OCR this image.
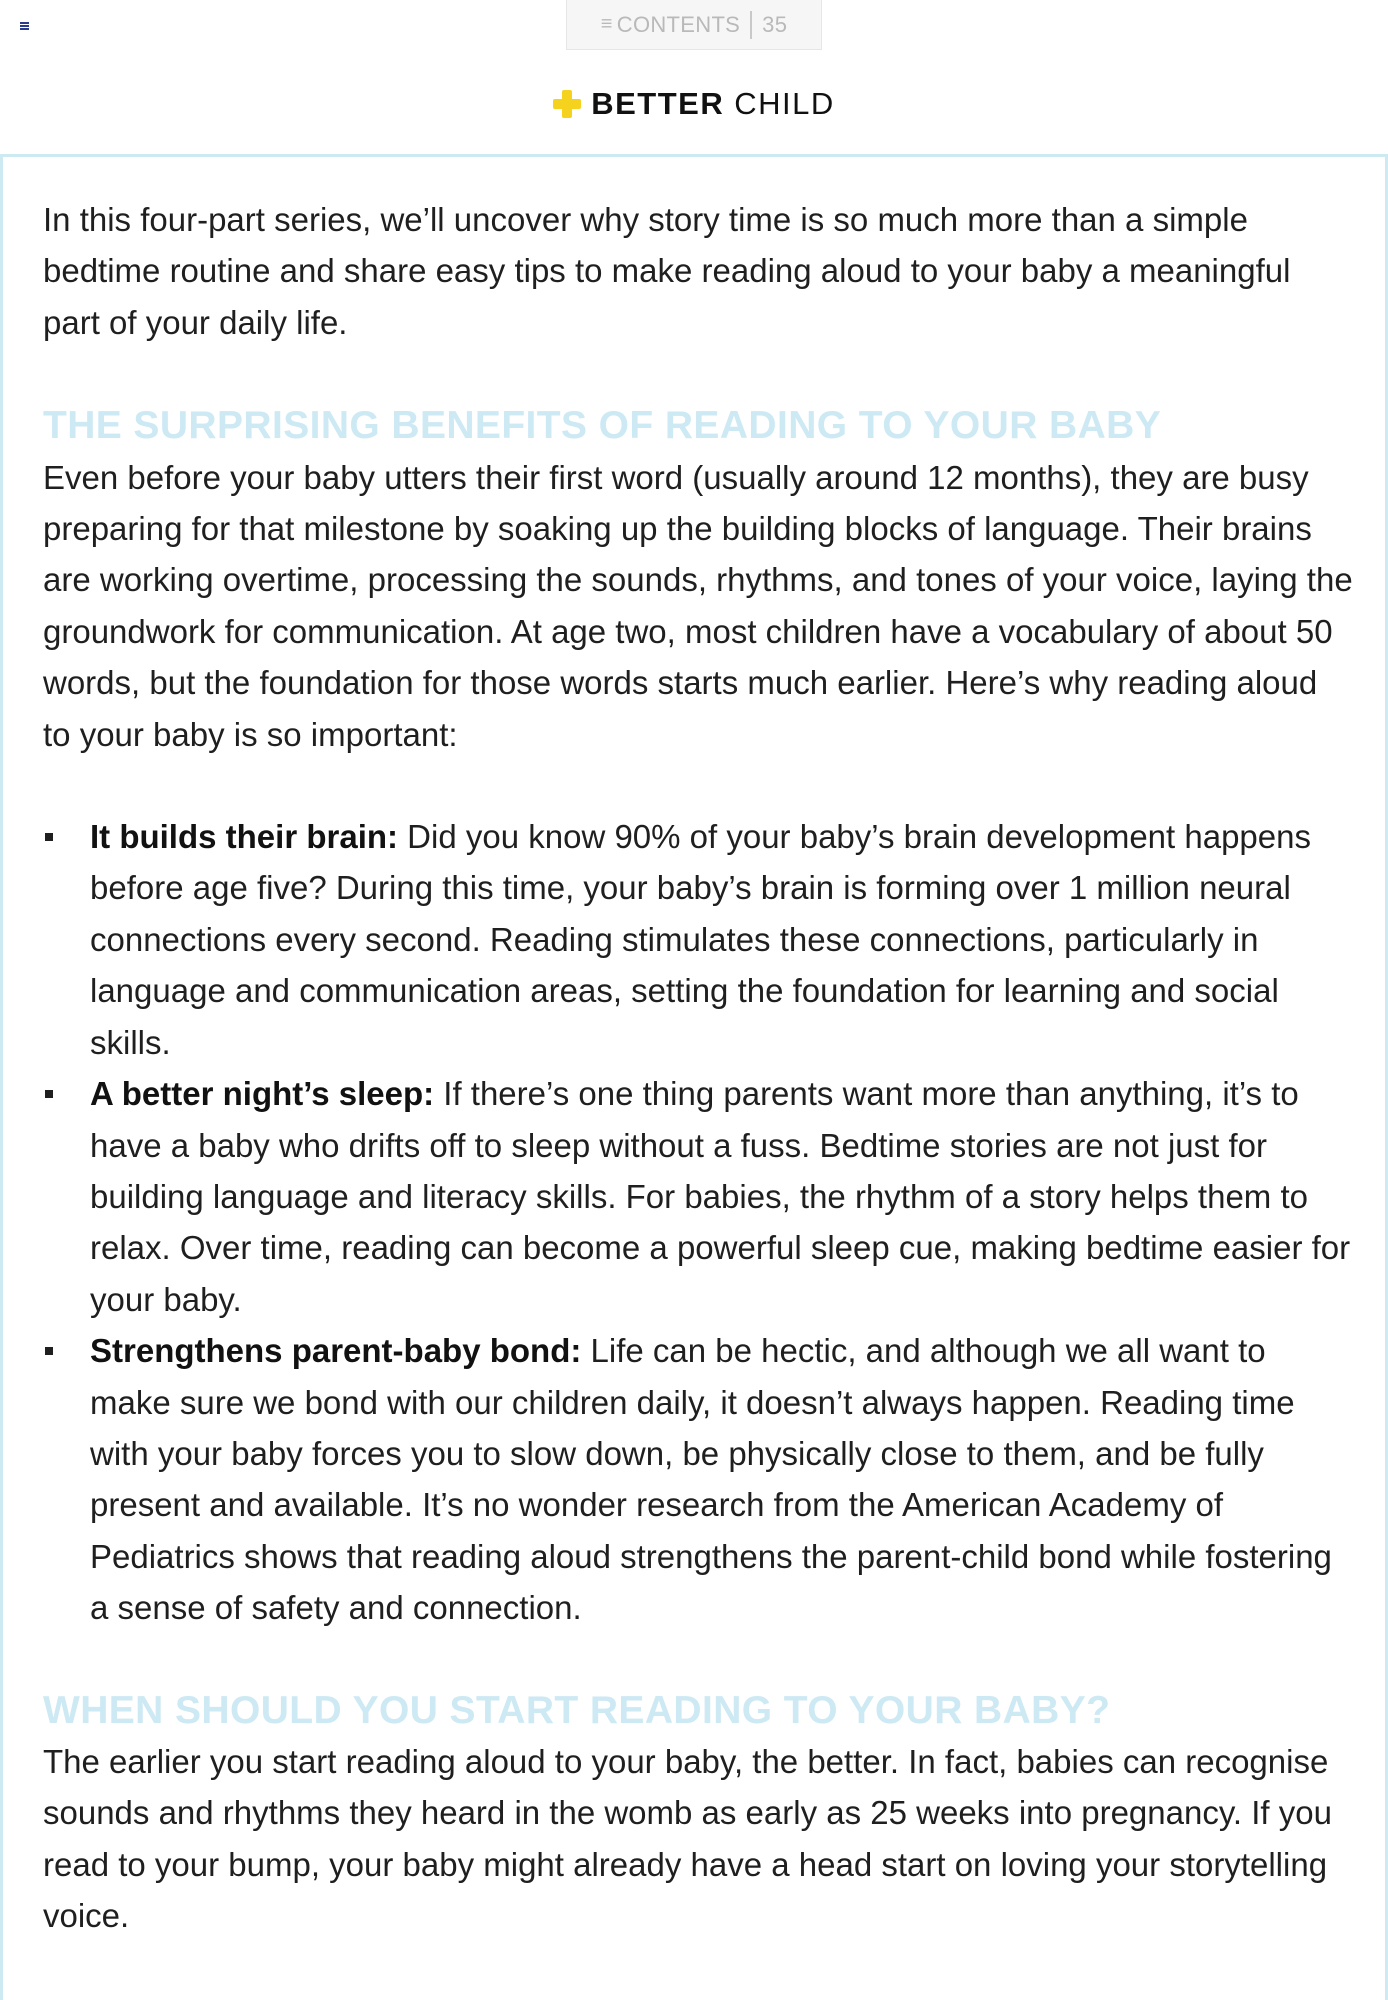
≡ CONTENTS 35
BETTER CHILD

In this four-part series, we’ll uncover why story time is so much more than a simple bedtime routine and share easy tips to make reading aloud to your baby a meaningful part of your daily life.

THE SURPRISING BENEFITS OF READING TO YOUR BABY

Even before your baby utters their first word (usually around 12 months), they are busy preparing for that milestone by soaking up the building blocks of language. Their brains are working overtime, processing the sounds, rhythms, and tones of your voice, laying the groundwork for communication. At age two, most children have a vocabulary of about 50 words, but the foundation for those words starts much earlier. Here’s why reading aloud to your baby is so important:

It builds their brain: Did you know 90% of your baby’s brain development happens before age five? During this time, your baby’s brain is forming over 1 million neural connections every second. Reading stimulates these connections, particularly in language and communication areas, setting the foundation for learning and social skills.
A better night’s sleep: If there’s one thing parents want more than anything, it’s to have a baby who drifts off to sleep without a fuss. Bedtime stories are not just for building language and literacy skills. For babies, the rhythm of a story helps them to relax. Over time, reading can become a powerful sleep cue, making bedtime easier for your baby.
Strengthens parent-baby bond: Life can be hectic, and although we all want to make sure we bond with our children daily, it doesn’t always happen. Reading time with your baby forces you to slow down, be physically close to them, and be fully present and available. It’s no wonder research from the American Academy of Pediatrics shows that reading aloud strengthens the parent-child bond while fostering a sense of safety and connection.
WHEN SHOULD YOU START READING TO YOUR BABY?

The earlier you start reading aloud to your baby, the better. In fact, babies can recognise sounds and rhythms they heard in the womb as early as 25 weeks into pregnancy. If you read to your bump, your baby might already have a head start on loving your storytelling voice.
